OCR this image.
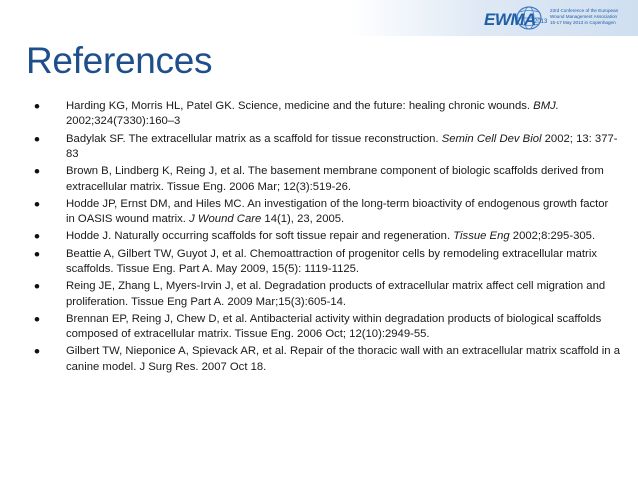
EWMA
2013
23rd Conference of the European
Wound Management Association
15-17 May 2013 in Copenhagen
References
• Harding KG, Morris HL, Patel GK. Science, medicine and the future: healing chronic wounds. BMJ. 2002;324(7330):160–3
• Badylak SF. The extracellular matrix as a scaffold for tissue reconstruction. Semin Cell Dev Biol 2002; 13: 377-83
• Brown B, Lindberg K, Reing J, et al. The basement membrane component of biologic scaffolds derived from extracellular matrix. Tissue Eng. 2006 Mar; 12(3):519-26.
• Hodde JP, Ernst DM, and Hiles MC. An investigation of the long-term bioactivity of endogenous growth factor in OASIS wound matrix. J Wound Care 14(1), 23, 2005.
• Hodde J. Naturally occurring scaffolds for soft tissue repair and regeneration. Tissue Eng 2002;8:295-305.
• Beattie A, Gilbert TW, Guyot J, et al. Chemoattraction of progenitor cells by remodeling extracellular matrix scaffolds. Tissue Eng. Part A. May 2009, 15(5): 1119-1125.
• Reing JE, Zhang L, Myers-Irvin J, et al. Degradation products of extracellular matrix affect cell migration and proliferation. Tissue Eng Part A. 2009 Mar;15(3):605-14.
• Brennan EP, Reing J, Chew D, et al. Antibacterial activity within degradation products of biological scaffolds composed of extracellular matrix. Tissue Eng. 2006 Oct; 12(10):2949-55.
• Gilbert TW, Nieponice A, Spievack AR, et al. Repair of the thoracic wall with an extracellular matrix scaffold in a canine model. J Surg Res. 2007 Oct 18.
